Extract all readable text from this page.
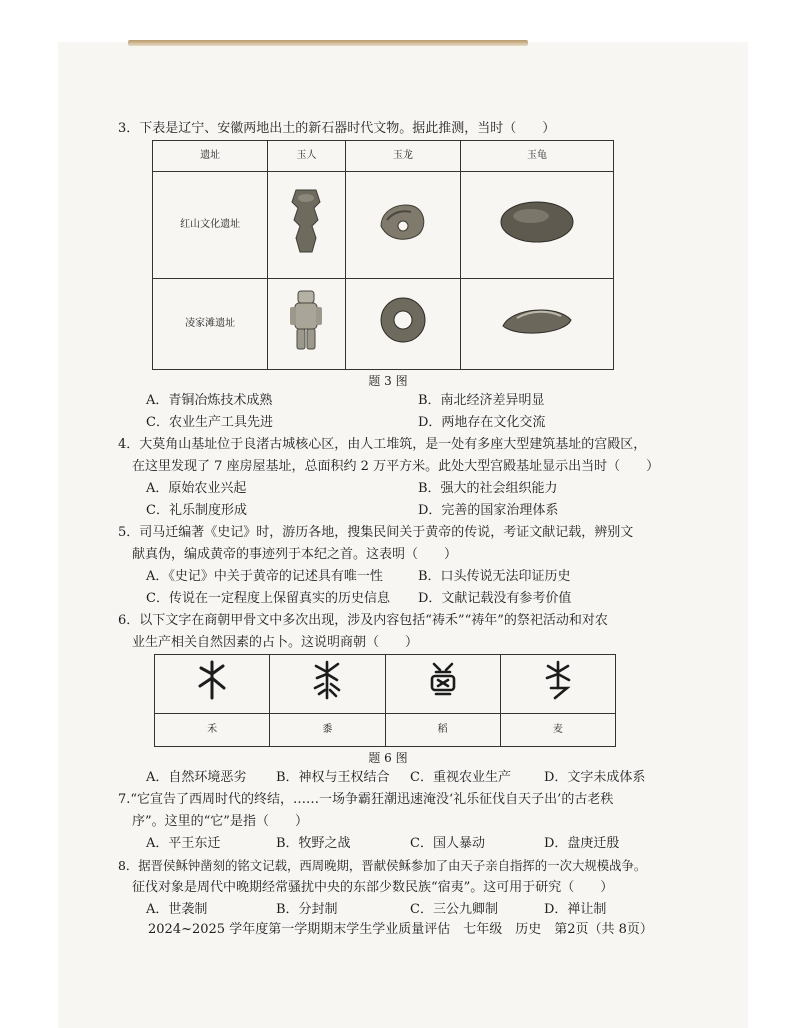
3．下表是辽宁、安徽两地出土的新石器时代文物。据此推测，当时（　　）
遗址	玉人	玉龙	玉龟
红山文化遗址			
凌家滩遗址			
题 3 图
A．青铜冶炼技术成熟	B．南北经济差异明显
C．农业生产工具先进	D．两地存在文化交流
4．大莫角山基址位于良渚古城核心区，由人工堆筑，是一处有多座大型建筑基址的宫殿区，
在这里发现了 7 座房屋基址，总面积约 2 万平方米。此处大型宫殿基址显示出当时（　　）
A．原始农业兴起	B．强大的社会组织能力
C．礼乐制度形成	D．完善的国家治理体系
5．司马迁编著《史记》时，游历各地，搜集民间关于黄帝的传说，考证文献记载，辨别文
献真伪，编成黄帝的事迹列于本纪之首。这表明（　　）
A．《史记》中关于黄帝的记述具有唯一性	B．口头传说无法印证历史
C．传说在一定程度上保留真实的历史信息	D．文献记载没有参考价值
6．以下文字在商朝甲骨文中多次出现，涉及内容包括“祷禾”“祷年”的祭祀活动和对农
业生产相关自然因素的占卜。这说明商朝（　　）

禾	黍	稻	麦
题 6 图
A．自然环境恶劣	B．神权与王权结合	C．重视农业生产	D．文字未成体系
7.“它宣告了西周时代的终结，……一场争霸狂潮迅速淹没‘礼乐征伐自天子出’的古老秩
序”。这里的“它”是指（　　）
A．平王东迁	B．牧野之战	C．国人暴动	D．盘庚迁殷
8．据晋侯稣钟凿刻的铭文记载，西周晚期，晋献侯稣参加了由天子亲自指挥的一次大规模战争。
征伐对象是周代中晚期经常骚扰中央的东部少数民族“宿夷”。这可用于研究（　　）
A．世袭制	B．分封制	C．三公九卿制	D．禅让制
2024~2025 学年度第一学期期末学生学业质量评估　七年级　历史　第2页（共 8页）
